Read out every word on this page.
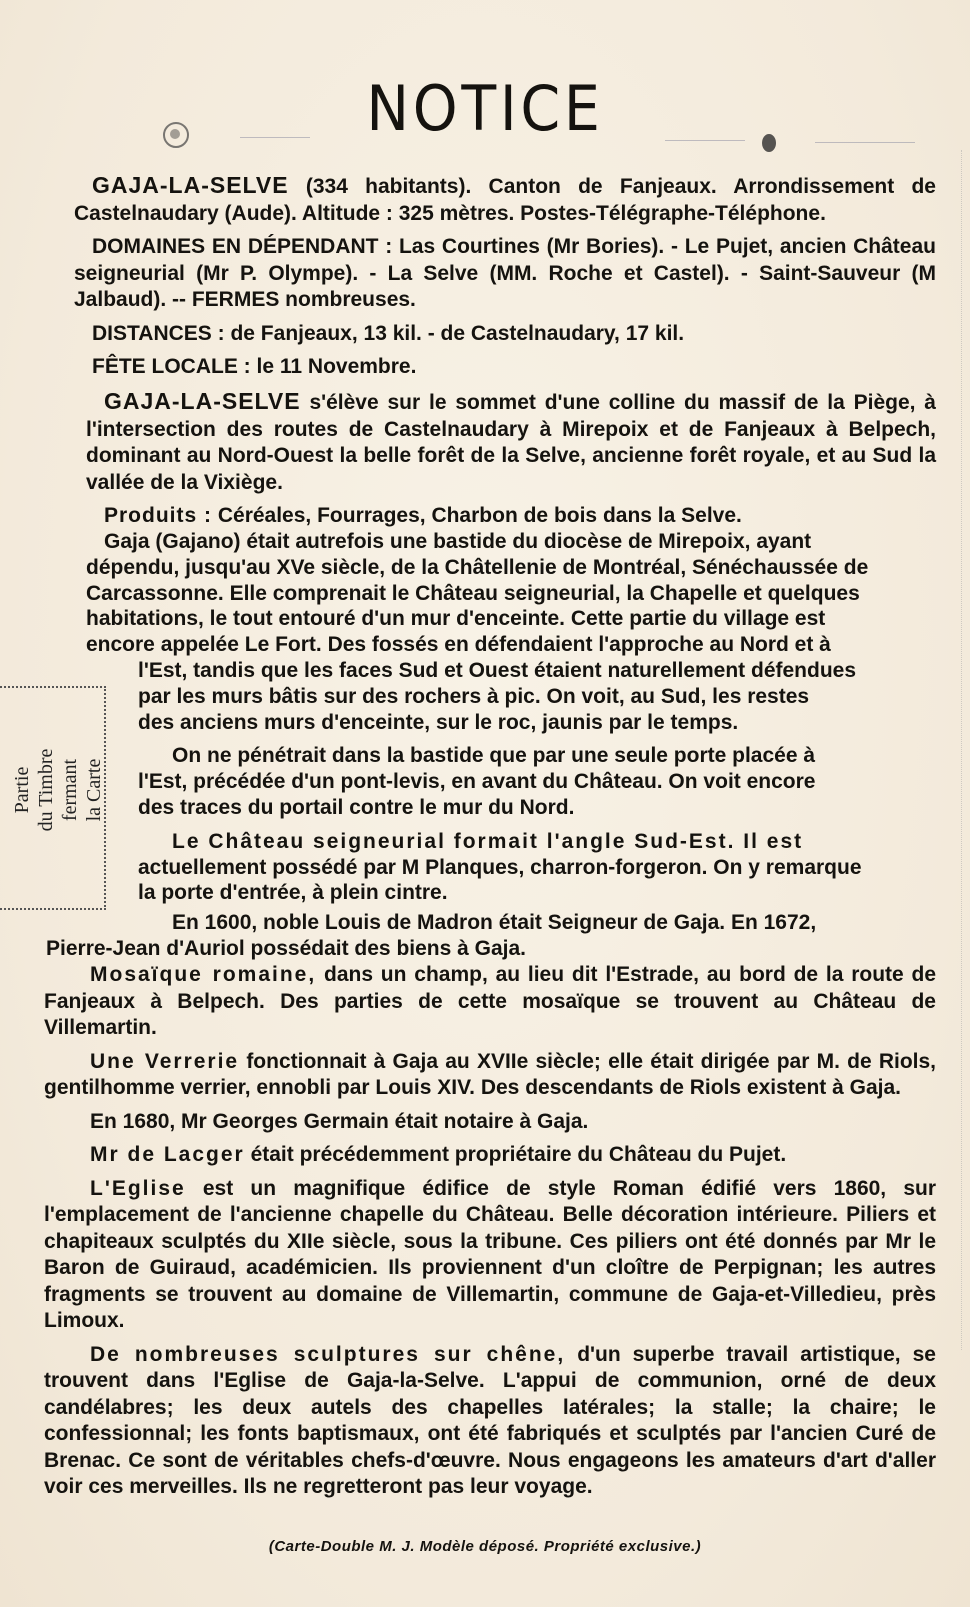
NOTICE

GAJA-LA-SELVE (334 habitants). Canton de Fanjeaux. Arrondissement de Castelnaudary (Aude). Altitude : 325 mètres. Postes-Télégraphe-Téléphone.

DOMAINES EN DÉPENDANT : Las Courtines (Mr Bories). - Le Pujet, ancien Château seigneurial (Mr P. Olympe). - La Selve (MM. Roche et Castel). - Saint-Sauveur (M Jalbaud). -- FERMES nombreuses.

DISTANCES : de Fanjeaux, 13 kil. - de Castelnaudary, 17 kil.

FÊTE LOCALE : le 11 Novembre.

GAJA-LA-SELVE s'élève sur le sommet d'une colline du massif de la Piège, à l'intersection des routes de Castelnaudary à Mirepoix et de Fanjeaux à Belpech, dominant au Nord-Ouest la belle forêt de la Selve, ancienne forêt royale, et au Sud la vallée de la Vixiège.

Produits : Céréales, Fourrages, Charbon de bois dans la Selve.

Gaja (Gajano) était autrefois une bastide du diocèse de Mirepoix, ayant
dépendu, jusqu'au XVe siècle, de la Châtellenie de Montréal, Sénéchaussée de
Carcassonne. Elle comprenait le Château seigneurial, la Chapelle et quelques
habitations, le tout entouré d'un mur d'enceinte. Cette partie du village est
encore appelée Le Fort. Des fossés en défendaient l'approche au Nord et à
l'Est, tandis que les faces Sud et Ouest étaient naturellement défendues
par les murs bâtis sur des rochers à pic. On voit, au Sud, les restes
des anciens murs d'enceinte, sur le roc, jaunis par le temps.
On ne pénétrait dans la bastide que par une seule porte placée à
l'Est, précédée d'un pont-levis, en avant du Château. On voit encore
des traces du portail contre le mur du Nord.
Le Château seigneurial formait l'angle Sud-Est. Il est
actuellement possédé par M Planques, charron-forgeron. On y remarque
la porte d'entrée, à plein cintre.
En 1600, noble Louis de Madron était Seigneur de Gaja. En 1672,
Pierre-Jean d'Auriol possédait des biens à Gaja.
Partie du Timbre fermant la Carte

Mosaïque romaine, dans un champ, au lieu dit l'Estrade, au bord de la route de Fanjeaux à Belpech. Des parties de cette mosaïque se trouvent au Château de Villemartin.

Une Verrerie fonctionnait à Gaja au XVIIe siècle; elle était dirigée par M. de Riols, gentilhomme verrier, ennobli par Louis XIV. Des descendants de Riols existent à Gaja.

En 1680, Mr Georges Germain était notaire à Gaja.

Mr de Lacger était précédemment propriétaire du Château du Pujet.

L'Eglise est un magnifique édifice de style Roman édifié vers 1860, sur l'emplacement de l'ancienne chapelle du Château. Belle décoration intérieure. Piliers et chapiteaux sculptés du XIIe siècle, sous la tribune. Ces piliers ont été donnés par Mr le Baron de Guiraud, académicien. Ils proviennent d'un cloître de Perpignan; les autres fragments se trouvent au domaine de Villemartin, commune de Gaja-et-Villedieu, près Limoux.

De nombreuses sculptures sur chêne, d'un superbe travail artistique, se trouvent dans l'Eglise de Gaja-la-Selve. L'appui de communion, orné de deux candélabres; les deux autels des chapelles latérales; la stalle; la chaire; le confessionnal; les fonts baptismaux, ont été fabriqués et sculptés par l'ancien Curé de Brenac. Ce sont de véritables chefs-d'œuvre. Nous engageons les amateurs d'art d'aller voir ces merveilles. Ils ne regretteront pas leur voyage.

(Carte-Double M. J. Modèle déposé. Propriété exclusive.)
